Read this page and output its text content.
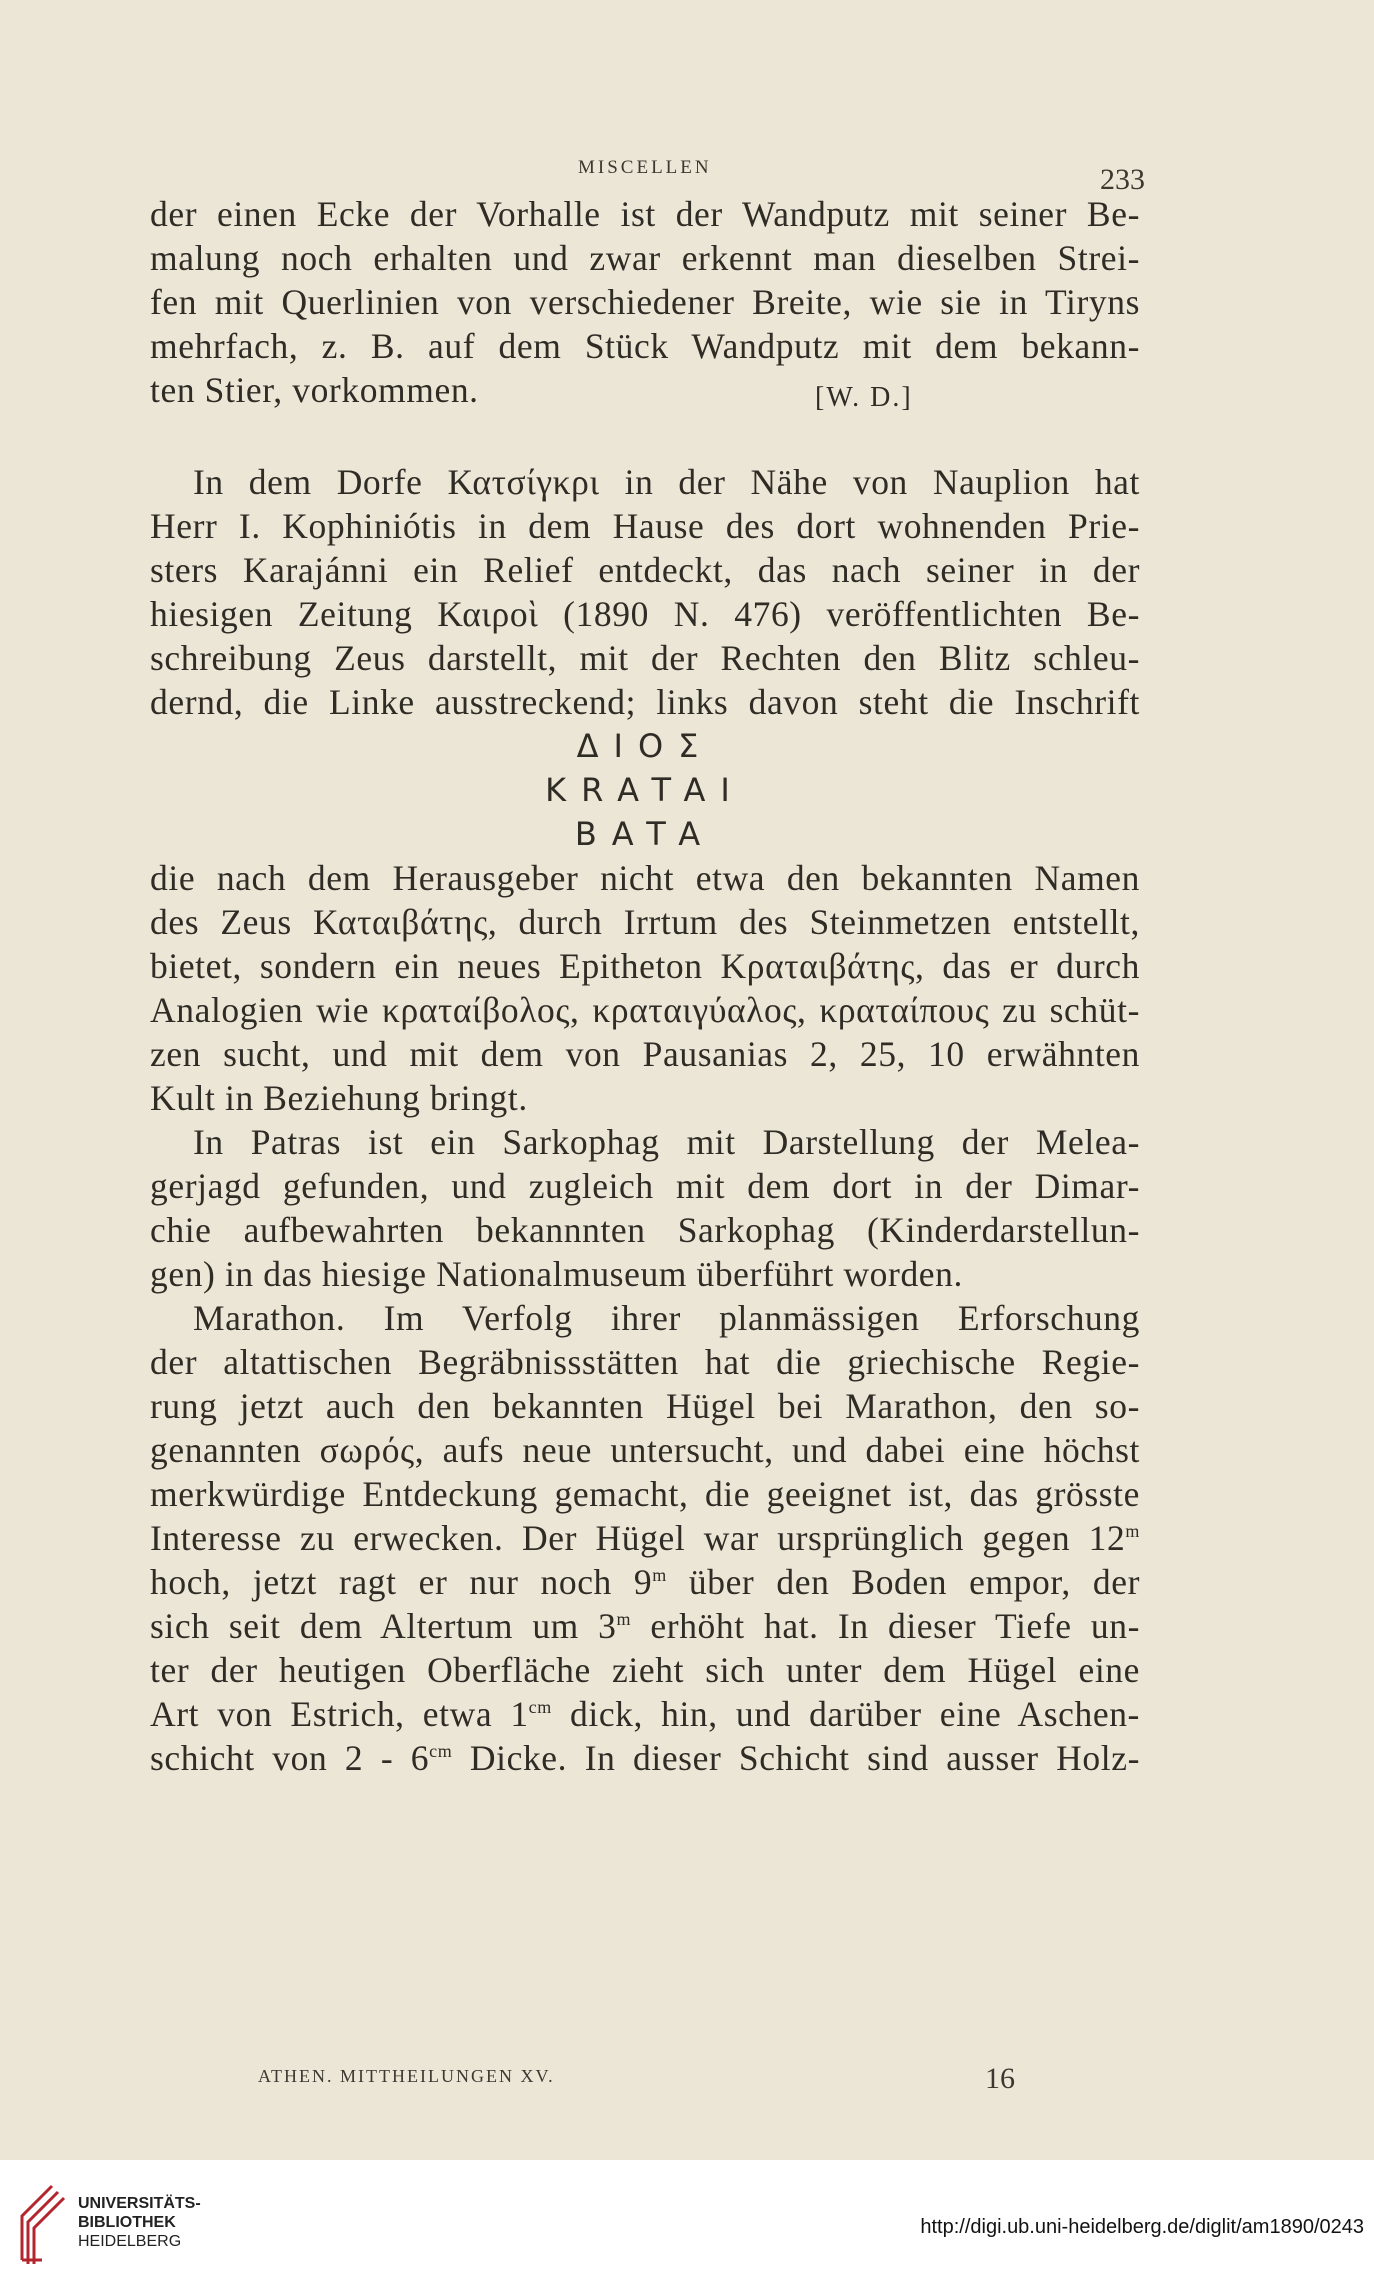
MISCELLEN	233
der einen Ecke der Vorhalle ist der Wandputz mit seiner Be-
malung noch erhalten und zwar erkennt man dieselben Strei-
fen mit Querlinien von verschiedener Breite, wie sie in Tiryns
mehrfach, z. B. auf dem Stück Wandputz mit dem bekann-
ten Stier, vorkommen.	[W. D.]
In dem Dorfe Κατσίγκρι in der Nähe von Nauplion hat
Herr I. Kophiniótis in dem Hause des dort wohnenden Prie-
sters Karajánni ein Relief entdeckt, das nach seiner in der
hiesigen Zeitung Καιροὶ (1890 N. 476) veröffentlichten Be-
schreibung Zeus darstellt, mit der Rechten den Blitz schleu-
dernd, die Linke ausstreckend; links davon steht die Inschrift
ΔΙΟΣ
KRATAI
BATA
die nach dem Herausgeber nicht etwa den bekannten Namen
des Zeus Καταιβάτης, durch Irrtum des Steinmetzen entstellt,
bietet, sondern ein neues Epitheton Κραταιβάτης, das er durch
Analogien wie κραταίβολος, κραταιγύαλος, κραταίπους zu schüt-
zen sucht, und mit dem von Pausanias 2, 25, 10 erwähnten
Kult in Beziehung bringt.
In Patras ist ein Sarkophag mit Darstellung der Melea-
gerjagd gefunden, und zugleich mit dem dort in der Dimar-
chie aufbewahrten bekannnten Sarkophag (Kinderdarstellun-
gen) in das hiesige Nationalmuseum überführt worden.
Marathon. Im Verfolg ihrer planmässigen Erforschung
der altattischen Begräbnissstätten hat die griechische Regie-
rung jetzt auch den bekannten Hügel bei Marathon, den so-
genannten σωρός, aufs neue untersucht, und dabei eine höchst
merkwürdige Entdeckung gemacht, die geeignet ist, das grösste
Interesse zu erwecken. Der Hügel war ursprünglich gegen 12$^m$
hoch, jetzt ragt er nur noch 9$^m$ über den Boden empor, der
sich seit dem Altertum um 3$^m$ erhöht hat. In dieser Tiefe un-
ter der heutigen Oberfläche zieht sich unter dem Hügel eine
Art von Estrich, etwa $1^{cm}$ dick, hin, und darüber eine Aschen-
schicht von $2 - 6^{cm}$ Dicke. In dieser Schicht sind ausser Holz-
ATHEN. MITTHEILUNGEN XV.	16
UNIVERSITÄTS-
BIBLIOTHEK
HEIDELBERG
http://digi.ub.uni-heidelberg.de/diglit/am1890/0243
